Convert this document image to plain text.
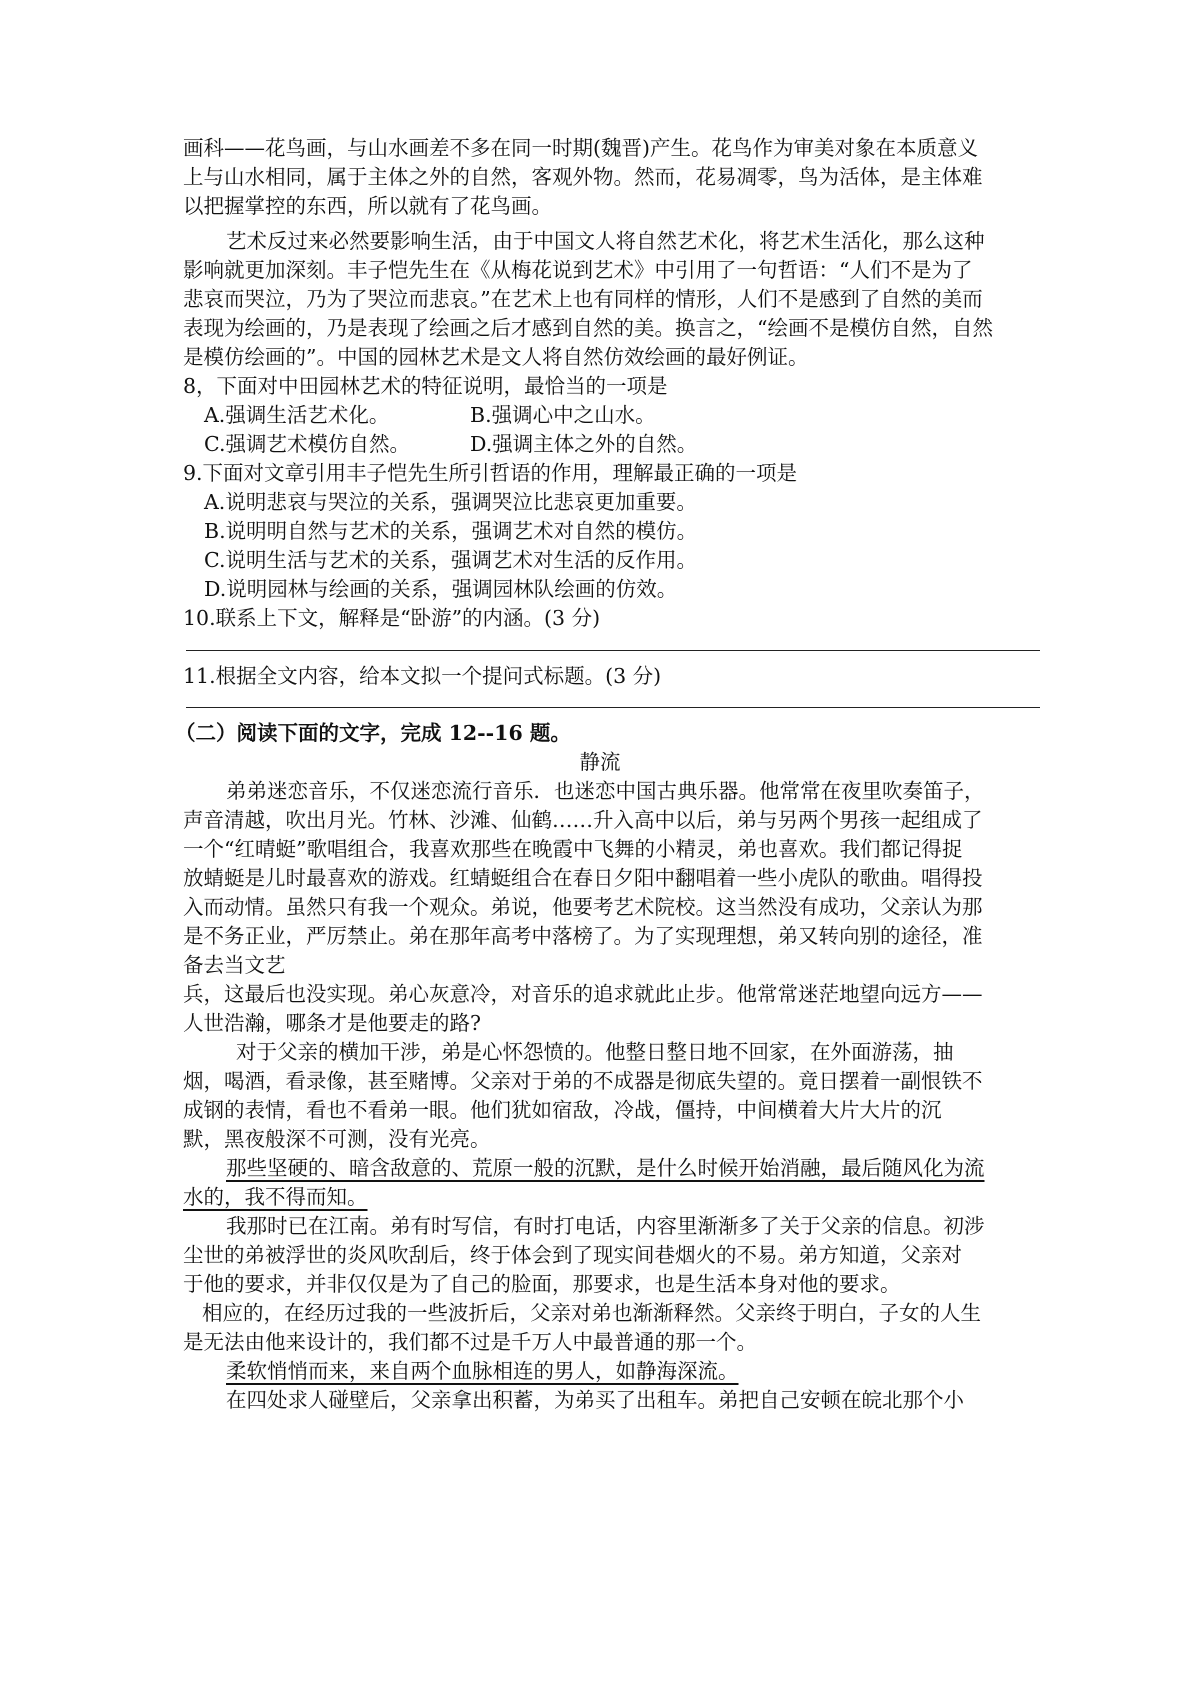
画科——花鸟画，与山水画差不多在同一时期(魏晋)产生。花鸟作为审美对象在本质意义
上与山水相同，属于主体之外的自然，客观外物。然而，花易凋零，鸟为活体，是主体难
以把握掌控的东西，所以就有了花鸟画。
艺术反过来必然要影响生活，由于中国文人将自然艺术化，将艺术生活化，那么这种
影响就更加深刻。丰子恺先生在《从梅花说到艺术》中引用了一句哲语：“人们不是为了
悲哀而哭泣，乃为了哭泣而悲哀。”在艺术上也有同样的情形，人们不是感到了自然的美而
表现为绘画的，乃是表现了绘画之后才感到自然的美。换言之，“绘画不是模仿自然，自然
是模仿绘画的”。中国的园林艺术是文人将自然仿效绘画的最好例证。
8，下面对中田园林艺术的特征说明，最恰当的一项是
A.强调生活艺术化。	B.强调心中之山水。
C.强调艺术模仿自然。	D.强调主体之外的自然。
9.下面对文章引用丰子恺先生所引哲语的作用，理解最正确的一项是
A.说明悲哀与哭泣的关系，强调哭泣比悲哀更加重要。
B.说明明自然与艺术的关系，强调艺术对自然的模仿。
C.说明生活与艺术的关系，强调艺术对生活的反作用。
D.说明园林与绘画的关系，强调园林队绘画的仿效。
10.联系上下文，解释是“卧游”的内涵。(3 分)
11.根据全文内容，给本文拟一个提问式标题。(3 分)
（二）阅读下面的文字，完成 12--16 题。
静流
弟弟迷恋音乐，不仅迷恋流行音乐．也迷恋中国古典乐器。他常常在夜里吹奏笛子，
声音清越，吹出月光。竹林、沙滩、仙鹤……升入高中以后，弟与另两个男孩一起组成了
一个“红晴蜓”歌唱组合，我喜欢那些在晚霞中飞舞的小精灵，弟也喜欢。我们都记得捉
放蜻蜓是儿时最喜欢的游戏。红蜻蜓组合在春日夕阳中翻唱着一些小虎队的歌曲。唱得投
入而动情。虽然只有我一个观众。弟说，他要考艺术院校。这当然没有成功，父亲认为那
是不务正业，严厉禁止。弟在那年高考中落榜了。为了实现理想，弟又转向别的途径，准
备去当文艺
兵，这最后也没实现。弟心灰意冷，对音乐的追求就此止步。他常常迷茫地望向远方——
人世浩瀚，哪条才是他要走的路?
对于父亲的横加干涉，弟是心怀怨愤的。他整日整日地不回家，在外面游荡，抽
烟，喝酒，看录像，甚至赌博。父亲对于弟的不成器是彻底失望的。竟日摆着一副恨铁不
成钢的表情，看也不看弟一眼。他们犹如宿敌，冷战，僵持，中间横着大片大片的沉
默，黑夜般深不可测，没有光亮。
那些坚硬的、暗含敌意的、荒原一般的沉默，是什么时候开始消融，最后随风化为流
水的，我不得而知。
我那时已在江南。弟有时写信，有时打电话，内容里渐渐多了关于父亲的信息。初涉
尘世的弟被浮世的炎风吹刮后，终于体会到了现实间巷烟火的不易。弟方知道，父亲对
于他的要求，并非仅仅是为了自己的脸面，那要求，也是生活本身对他的要求。
相应的，在经历过我的一些波折后，父亲对弟也渐渐释然。父亲终于明白，子女的人生
是无法由他来设计的，我们都不过是千万人中最普通的那一个。
柔软悄悄而来，来自两个血脉相连的男人，如静海深流。
在四处求人碰壁后，父亲拿出积蓄，为弟买了出租车。弟把自己安顿在皖北那个小
